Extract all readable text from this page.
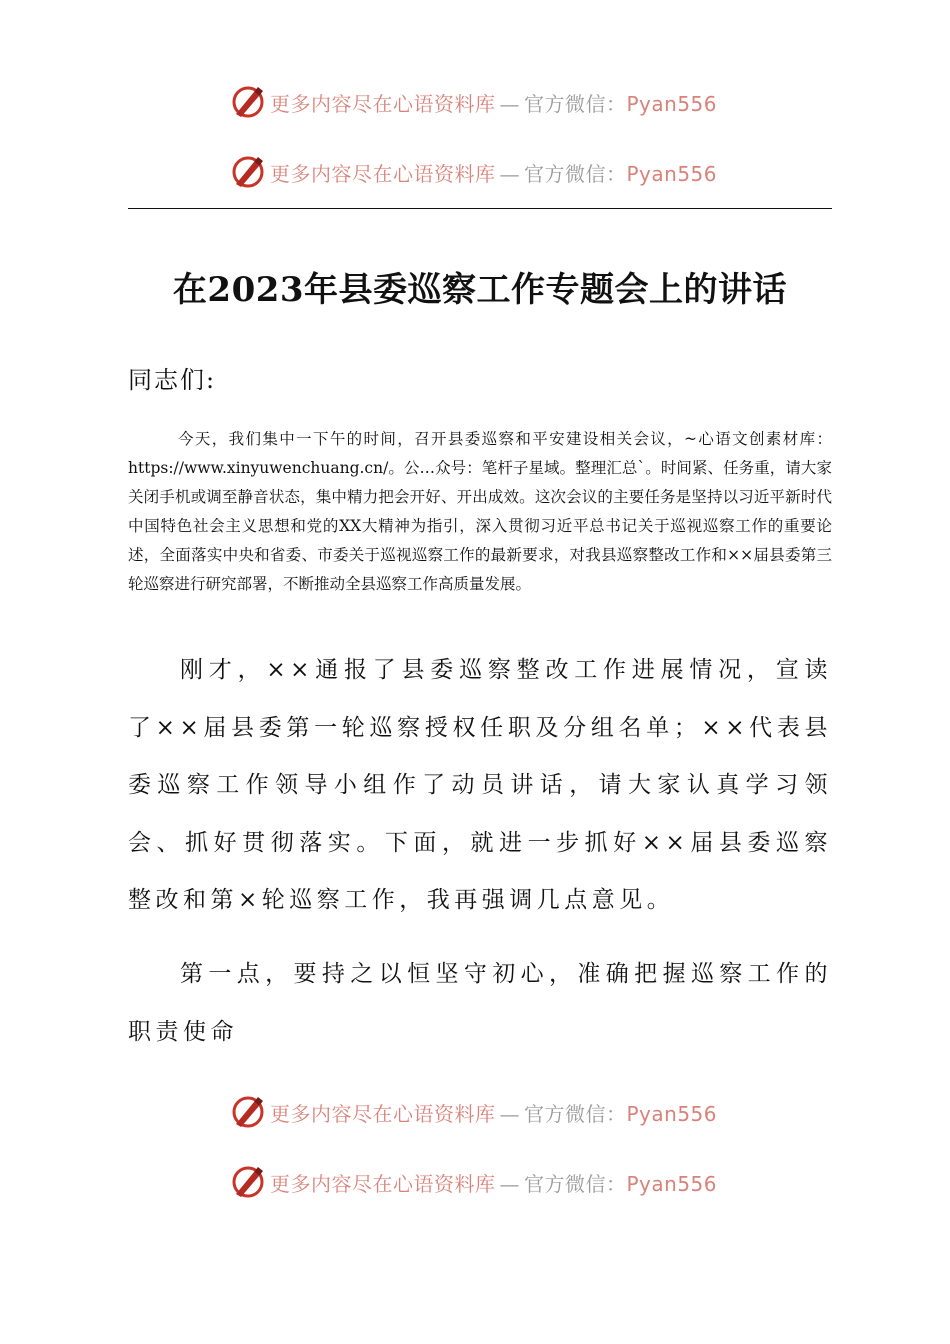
更多内容尽在心语资料库 — 官方微信：Pyan556
更多内容尽在心语资料库 — 官方微信：Pyan556
在2023年县委巡察工作专题会上的讲话

同志们:

今天，我们集中一下午的时间，召开县委巡察和平安建设相关会议，~心语文创素材库：https://www.xinyuwenchuang.cn/。公…众号：笔杆子星域。整理汇总`。时间紧、任务重，请大家关闭手机或调至静音状态，集中精力把会开好、开出成效。这次会议的主要任务是坚持以习近平新时代中国特色社会主义思想和党的XX大精神为指引，深入贯彻习近平总书记关于巡视巡察工作的重要论述，全面落实中央和省委、市委关于巡视巡察工作的最新要求，对我县巡察整改工作和××届县委第三轮巡察进行研究部署，不断推动全县巡察工作高质量发展。

刚才，××通报了县委巡察整改工作进展情况，宣读了××届县委第一轮巡察授权任职及分组名单；××代表县委巡察工作领导小组作了动员讲话，请大家认真学习领会、抓好贯彻落实。下面，就进一步抓好××届县委巡察整改和第×轮巡察工作，我再强调几点意见。

第一点，要持之以恒坚守初心，准确把握巡察工作的职责使命

更多内容尽在心语资料库 — 官方微信：Pyan556
更多内容尽在心语资料库 — 官方微信：Pyan556
